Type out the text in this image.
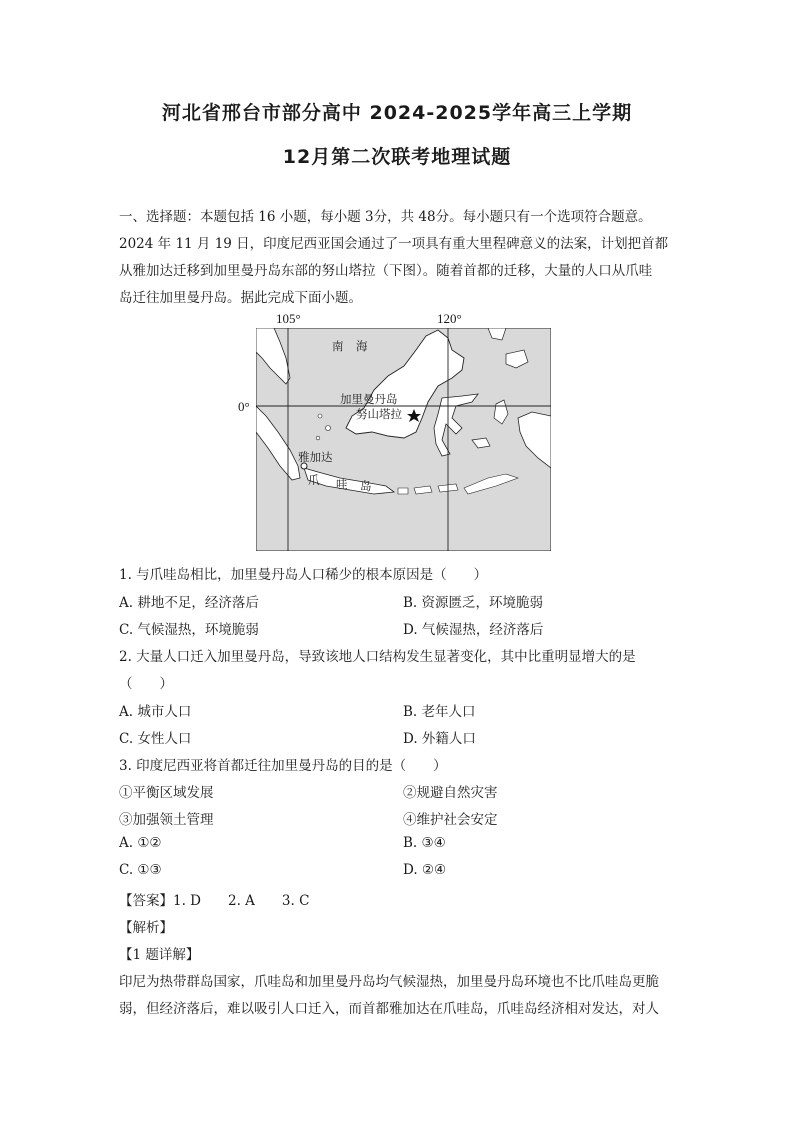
河北省邢台市部分高中 2024-2025学年高三上学期
12月第二次联考地理试题
一、选择题：本题包括 16 小题，每小题 3分，共 48分。每小题只有一个选项符合题意。
2024 年 11 月 19 日，印度尼西亚国会通过了一项具有重大里程碑意义的法案，计划把首都
从雅加达迁移到加里曼丹岛东部的努山塔拉（下图）。随着首都的迁移，大量的人口从爪哇
岛迁往加里曼丹岛。据此完成下面小题。
105°	120°
0°
南 海
加里曼丹岛
努山塔拉
雅加达
爪 哇 岛
1. 与爪哇岛相比，加里曼丹岛人口稀少的根本原因是（　　）
A. 耕地不足，经济落后	B. 资源匮乏，环境脆弱
C. 气候湿热，环境脆弱	D. 气候湿热，经济落后
2. 大量人口迁入加里曼丹岛，导致该地人口结构发生显著变化，其中比重明显增大的是
（　　）
A. 城市人口	B. 老年人口
C. 女性人口	D. 外籍人口
3. 印度尼西亚将首都迁往加里曼丹岛的目的是（　　）
①平衡区域发展	②规避自然灾害
③加强领土管理	④维护社会安定
A. ①②	B. ③④
C. ①③	D. ②④
【答案】1. D　　2. A　　3. C
【解析】
【1 题详解】
印尼为热带群岛国家，爪哇岛和加里曼丹岛均气候湿热，加里曼丹岛环境也不比爪哇岛更脆
弱，但经济落后，难以吸引人口迁入，而首都雅加达在爪哇岛，爪哇岛经济相对发达，对人
